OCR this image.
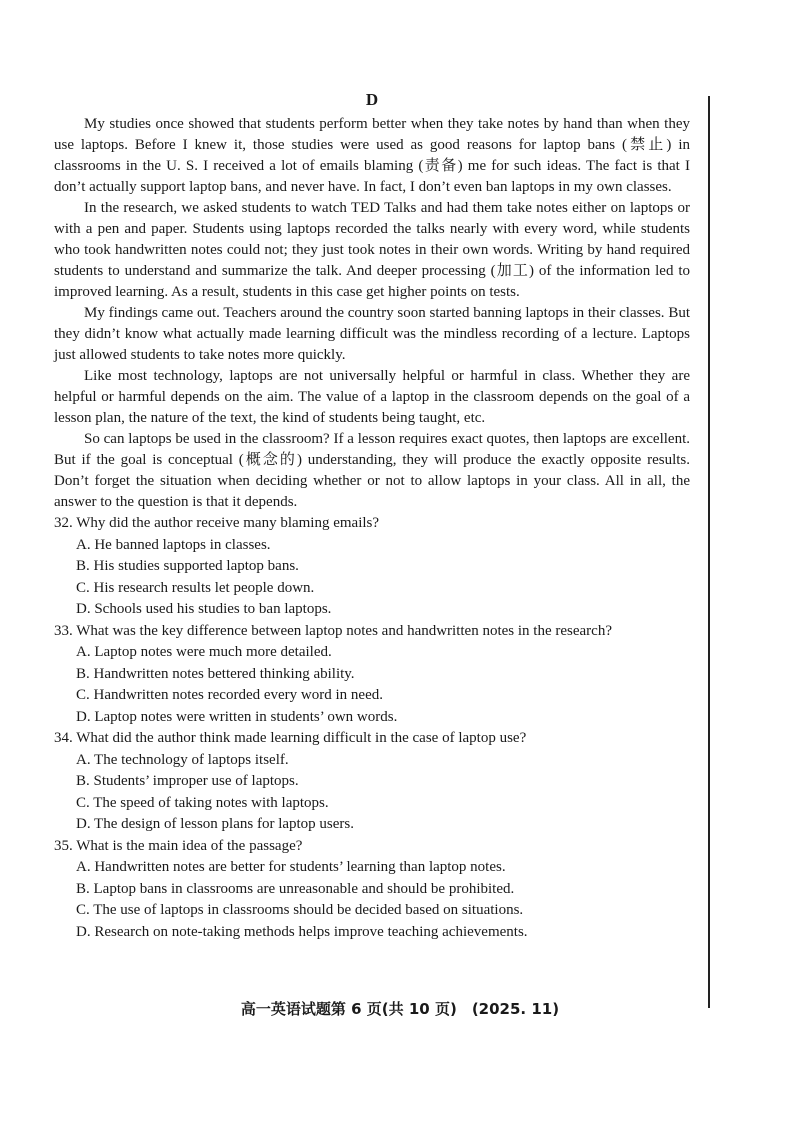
D

My studies once showed that students perform better when they take notes by hand than when they use laptops. Before I knew it, those studies were used as good reasons for laptop bans (禁止) in classrooms in the U. S. I received a lot of emails blaming (责备) me for such ideas. The fact is that I don’t actually support laptop bans, and never have. In fact, I don’t even ban laptops in my own classes.

In the research, we asked students to watch TED Talks and had them take notes either on laptops or with a pen and paper. Students using laptops recorded the talks nearly with every word, while students who took handwritten notes could not; they just took notes in their own words. Writing by hand required students to understand and summarize the talk. And deeper processing (加工) of the information led to improved learning. As a result, students in this case get higher points on tests.

My findings came out. Teachers around the country soon started banning laptops in their classes. But they didn’t know what actually made learning difficult was the mindless recording of a lecture. Laptops just allowed students to take notes more quickly.

Like most technology, laptops are not universally helpful or harmful in class. Whether they are helpful or harmful depends on the aim. The value of a laptop in the classroom depends on the goal of a lesson plan, the nature of the text, the kind of students being taught, etc.

So can laptops be used in the classroom? If a lesson requires exact quotes, then laptops are excellent. But if the goal is conceptual (概念的) understanding, they will produce the exactly opposite results. Don’t forget the situation when deciding whether or not to allow laptops in your class. All in all, the answer to the question is that it depends.

32. Why did the author receive many blaming emails?

A. He banned laptops in classes.

B. His studies supported laptop bans.

C. His research results let people down.

D. Schools used his studies to ban laptops.

33. What was the key difference between laptop notes and handwritten notes in the research?

A. Laptop notes were much more detailed.

B. Handwritten notes bettered thinking ability.

C. Handwritten notes recorded every word in need.

D. Laptop notes were written in students’ own words.

34. What did the author think made learning difficult in the case of laptop use?

A. The technology of laptops itself.

B. Students’ improper use of laptops.

C. The speed of taking notes with laptops.

D. The design of lesson plans for laptop users.

35. What is the main idea of the passage?

A. Handwritten notes are better for students’ learning than laptop notes.

B. Laptop bans in classrooms are unreasonable and should be prohibited.

C. The use of laptops in classrooms should be decided based on situations.

D. Research on note-taking methods helps improve teaching achievements.

高一英语试题第 6 页(共 10 页)　(2025. 11)
